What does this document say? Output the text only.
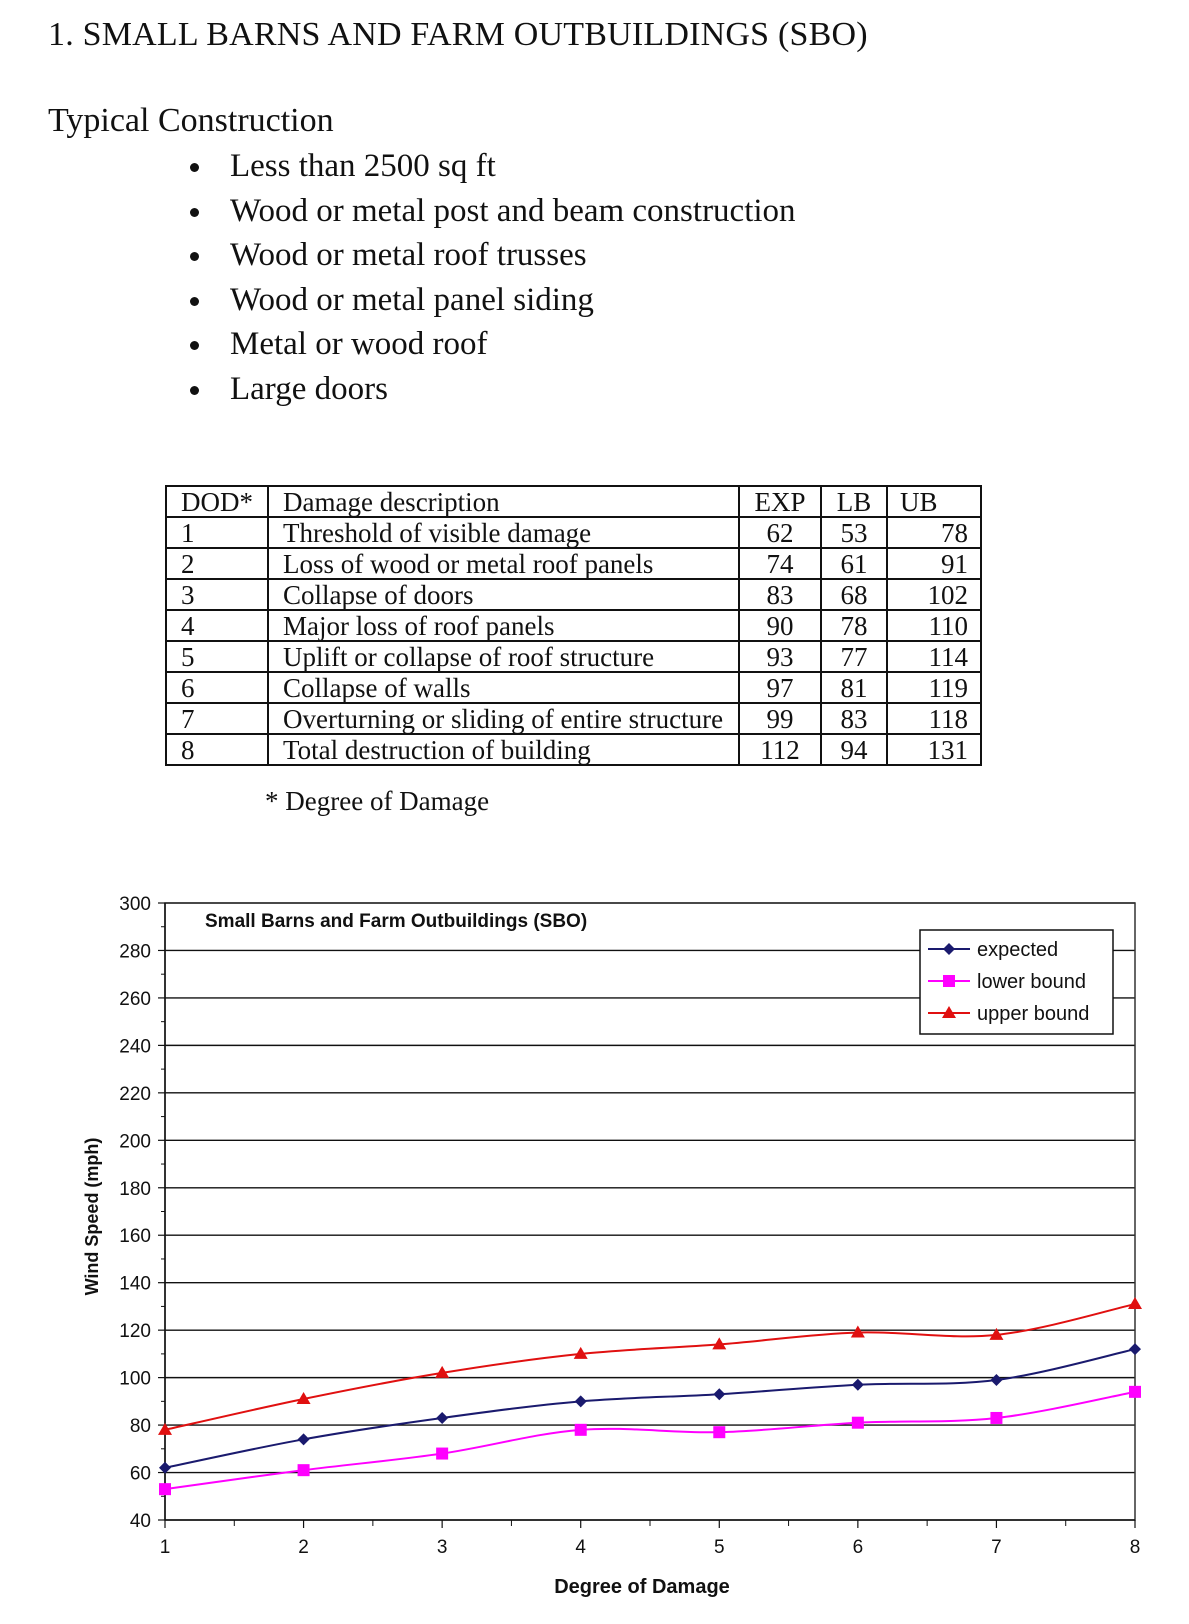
1. SMALL BARNS AND FARM OUTBUILDINGS (SBO)
Typical Construction
Less than 2500 sq ft
Wood or metal post and beam construction
Wood or metal roof trusses
Wood or metal panel siding
Metal or wood roof
Large doors
DOD*	Damage description	EXP	LB	UB
1	Threshold of visible damage	62	53	78
2	Loss of wood or metal roof panels	74	61	91
3	Collapse of doors	83	68	102
4	Major loss of roof panels	90	78	110
5	Uplift or collapse of roof structure	93	77	114
6	Collapse of walls	97	81	119
7	Overturning or sliding of entire structure	99	83	118
8	Total destruction of building	112	94	131
* Degree of Damage
40
60
80
100
120
140
160
180
200
220
240
260
280
300
1	2	3	4	5	6	7	8
Small Barns and Farm Outbuildings (SBO)
Degree of Damage
Wind Speed (mph)
expected
lower bound
upper bound
